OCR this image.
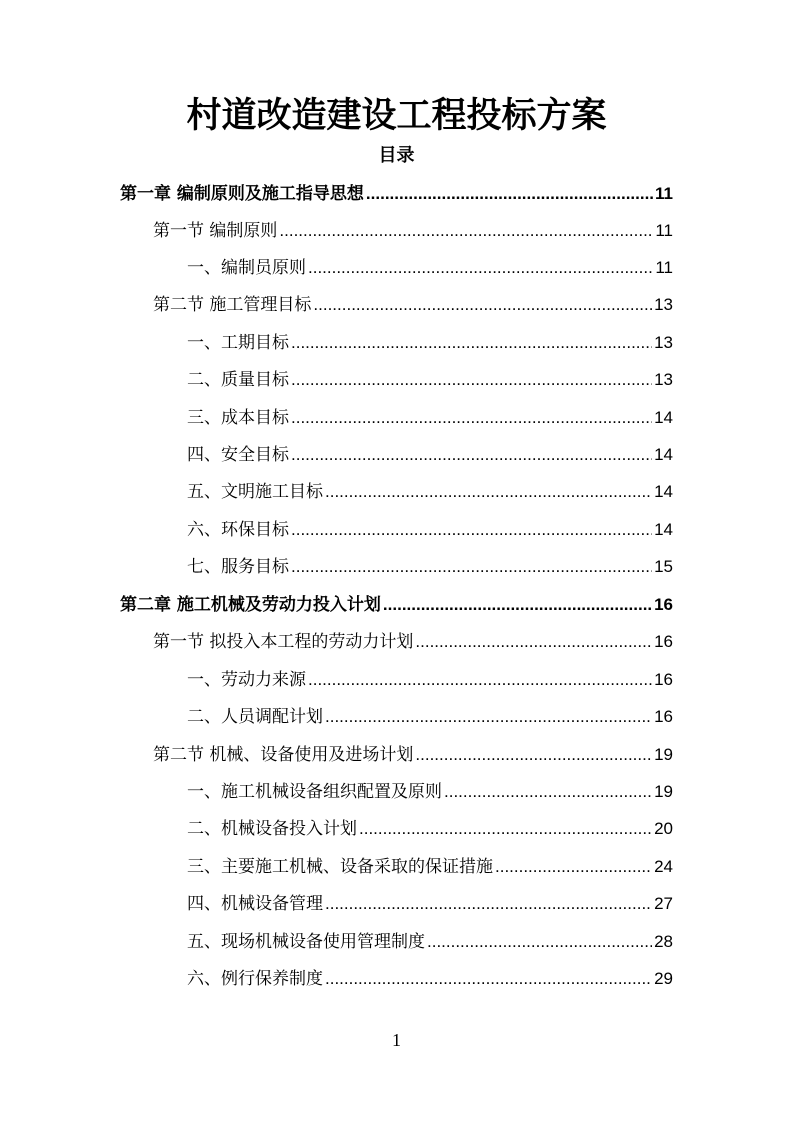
村道改造建设工程投标方案
目录
第一章 编制原则及施工指导思想 .....	11
第一节 编制原则 .....	11
一、编制员原则 .....	11
第二节 施工管理目标 .....	13
一、工期目标 .....	13
二、质量目标 .....	13
三、成本目标 .....	14
四、安全目标 .....	14
五、文明施工目标 .....	14
六、环保目标 .....	14
七、服务目标 .....	15
第二章 施工机械及劳动力投入计划 .....	16
第一节 拟投入本工程的劳动力计划 .....	16
一、劳动力来源 .....	16
二、人员调配计划 .....	16
第二节 机械、设备使用及进场计划 .....	19
一、施工机械设备组织配置及原则 .....	19
二、机械设备投入计划 .....	20
三、主要施工机械、设备采取的保证措施 .....	24
四、机械设备管理 .....	27
五、现场机械设备使用管理制度 .....	28
六、例行保养制度 .....	29
1
